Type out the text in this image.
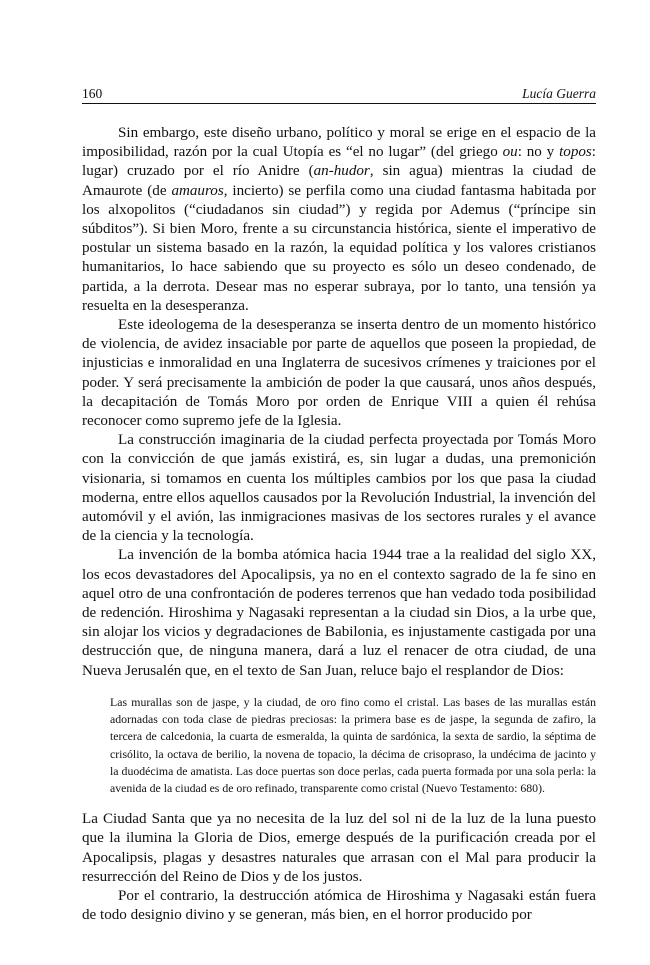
160	Lucía Guerra

Sin embargo, este diseño urbano, político y moral se erige en el espacio de la imposibilidad, razón por la cual Utopía es “el no lugar” (del griego ou: no y topos: lugar) cruzado por el río Anidre (an-hudor, sin agua) mientras la ciudad de Amaurote (de amauros, incierto) se perfila como una ciudad fantasma habitada por los alxopolitos (“ciudadanos sin ciudad”) y regida por Ademus (“príncipe sin súbditos”). Si bien Moro, frente a su circunstancia histórica, siente el imperativo de postular un sistema basado en la razón, la equidad política y los valores cristianos humanitarios, lo hace sabiendo que su proyecto es sólo un deseo condenado, de partida, a la derrota. Desear mas no esperar subraya, por lo tanto, una tensión ya resuelta en la desesperanza.

Este ideologema de la desesperanza se inserta dentro de un momento histórico de violencia, de avidez insaciable por parte de aquellos que poseen la propiedad, de injusticias e inmoralidad en una Inglaterra de sucesivos crímenes y traiciones por el poder. Y será precisamente la ambición de poder la que causará, unos años después, la decapitación de Tomás Moro por orden de Enrique VIII a quien él rehúsa reconocer como supremo jefe de la Iglesia.

La construcción imaginaria de la ciudad perfecta proyectada por Tomás Moro con la convicción de que jamás existirá, es, sin lugar a dudas, una premonición visionaria, si tomamos en cuenta los múltiples cambios por los que pasa la ciudad moderna, entre ellos aquellos causados por la Revolución Industrial, la invención del automóvil y el avión, las inmigraciones masivas de los sectores rurales y el avance de la ciencia y la tecnología.

La invención de la bomba atómica hacia 1944 trae a la realidad del siglo XX, los ecos devastadores del Apocalipsis, ya no en el contexto sagrado de la fe sino en aquel otro de una confrontación de poderes terrenos que han vedado toda posibilidad de redención. Hiroshima y Nagasaki representan a la ciudad sin Dios, a la urbe que, sin alojar los vicios y degradaciones de Babilonia, es injustamente castigada por una destrucción que, de ninguna manera, dará a luz el renacer de otra ciudad, de una Nueva Jerusalén que, en el texto de San Juan, reluce bajo el resplandor de Dios:

Las murallas son de jaspe, y la ciudad, de oro fino como el cristal. Las bases de las murallas están adornadas con toda clase de piedras preciosas: la primera base es de jaspe, la segunda de zafiro, la tercera de calcedonia, la cuarta de esmeralda, la quinta de sardónica, la sexta de sardio, la séptima de crisólito, la octava de berilio, la novena de topacio, la décima de crisopraso, la undécima de jacinto y la duodécima de amatista. Las doce puertas son doce perlas, cada puerta formada por una sola perla: la avenida de la ciudad es de oro refinado, transparente como cristal (Nuevo Testamento: 680).

La Ciudad Santa que ya no necesita de la luz del sol ni de la luz de la luna puesto que la ilumina la Gloria de Dios, emerge después de la purificación creada por el Apocalipsis, plagas y desastres naturales que arrasan con el Mal para producir la resurrección del Reino de Dios y de los justos.

Por el contrario, la destrucción atómica de Hiroshima y Nagasaki están fuera de todo designio divino y se generan, más bien, en el horror producido por
